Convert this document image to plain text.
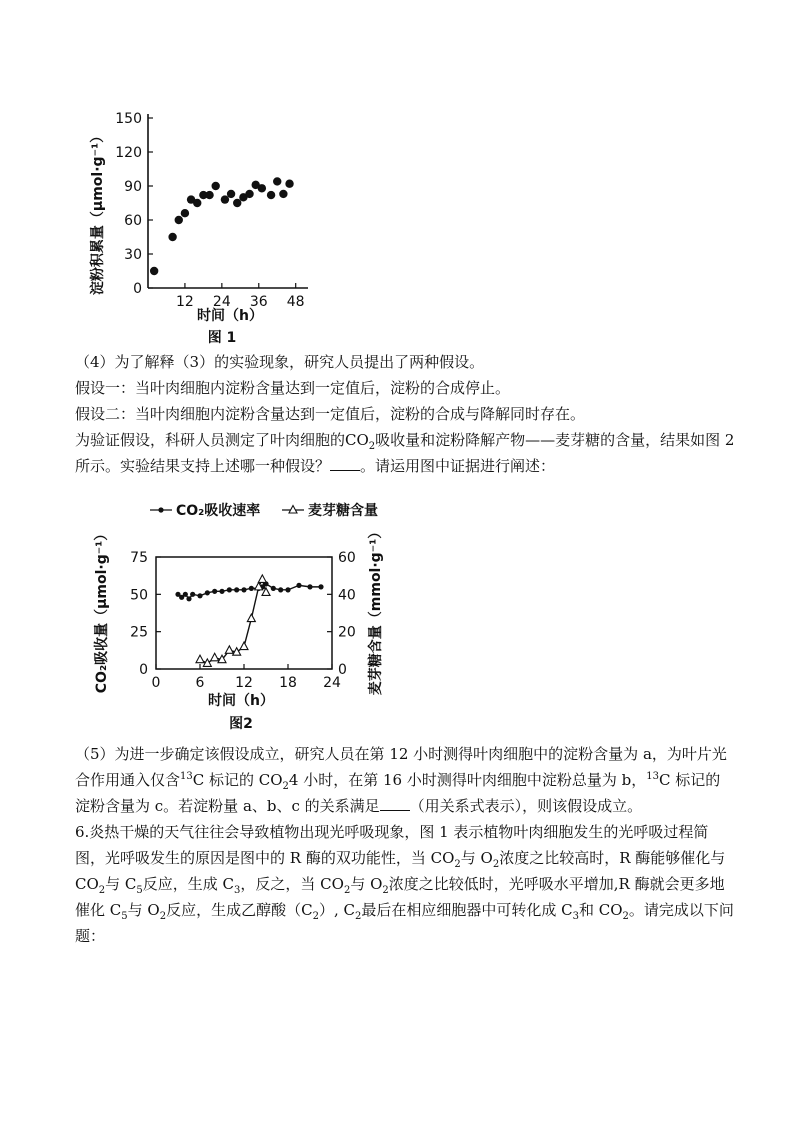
12 24 36 48
0
30
60
90
120
150
淀粉积累量（μmol·g⁻¹）
时间（h）
图 1

（4）为了解释（3）的实验现象，研究人员提出了两种假设。

假设一：当叶肉细胞内淀粉含量达到一定值后，淀粉的合成停止。

假设二：当叶肉细胞内淀粉含量达到一定值后，淀粉的合成与降解同时存在。

为验证假设，科研人员测定了叶肉细胞的$CO_2$吸收量和淀粉降解产物——麦芽糖的含量，结果如图 2 所示。实验结果支持上述哪一种假设？ 。请运用图中证据进行阐述：

CO₂吸收速率	麦芽糖含量
0
25
50
75
0
20
40
60
0	6 12 18 24
CO₂吸收量（μmol·g⁻¹）	麦芽糖含量（mmol·g⁻¹）
时间（h）
图2

（5）为进一步确定该假设成立，研究人员在第 12 小时测得叶肉细胞中的淀粉含量为 a，为叶片光合作用通入仅含$^{13}$C 标记的 $CO_24$ 小时，在第 16 小时测得叶肉细胞中淀粉总量为 b，$^{13}$C 标记的淀粉含量为 c。若淀粉量 a、b、c 的关系满足 （用关系式表示），则该假设成立。

6.炎热干燥的天气往往会导致植物出现光呼吸现象，图 1 表示植物叶肉细胞发生的光呼吸过程简图，光呼吸发生的原因是图中的 R 酶的双功能性，当 $CO_2$与 $O_2$浓度之比较高时，R 酶能够催化与 $CO_2$与 $C_5$反应，生成 $C_3$，反之，当 $CO_2$与 $O_2$浓度之比较低时，光呼吸水平增加,R 酶就会更多地催化 $C_5$与 $O_2$反应，生成乙醇酸$(C_2)$, $C_2$最后在相应细胞器中可转化成 $C_3$和 $CO_2$。请完成以下问题：
